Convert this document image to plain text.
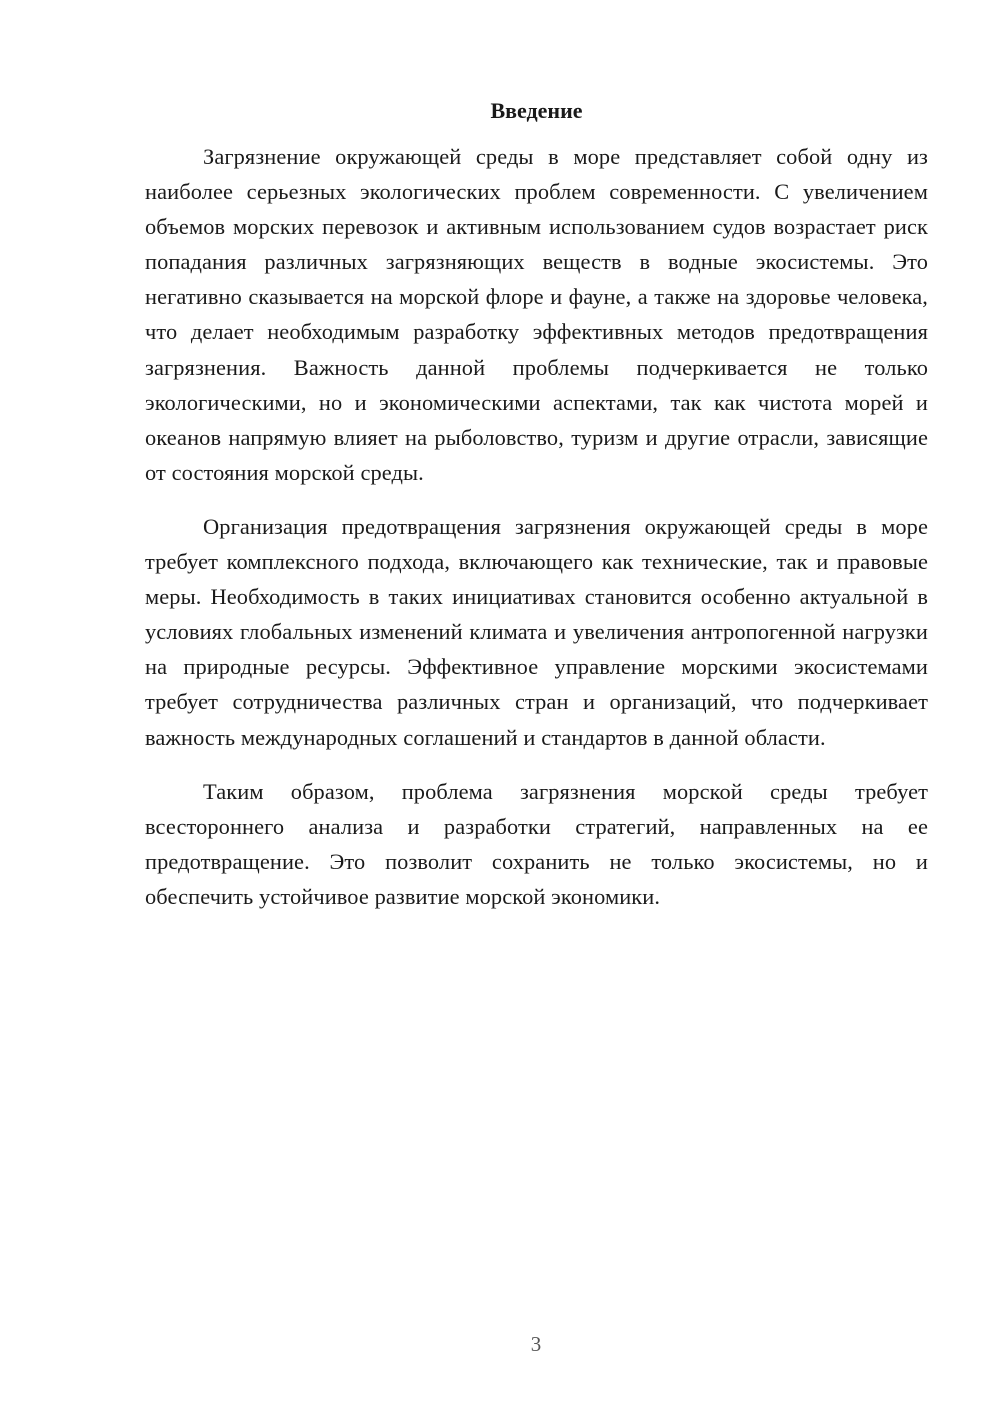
Введение

Загрязнение окружающей среды в море представляет собой одну из наиболее серьезных экологических проблем современности. С увеличением объемов морских перевозок и активным использованием судов возрастает риск попадания различных загрязняющих веществ в водные экосистемы. Это негативно сказывается на морской флоре и фауне, а также на здоровье человека, что делает необходимым разработку эффективных методов предотвращения загрязнения. Важность данной проблемы подчеркивается не только экологическими, но и экономическими аспектами, так как чистота морей и океанов напрямую влияет на рыболовство, туризм и другие отрасли, зависящие от состояния морской среды.

Организация предотвращения загрязнения окружающей среды в море требует комплексного подхода, включающего как технические, так и правовые меры. Необходимость в таких инициативах становится особенно актуальной в условиях глобальных изменений климата и увеличения антропогенной нагрузки на природные ресурсы. Эффективное управление морскими экосистемами требует сотрудничества различных стран и организаций, что подчеркивает важность международных соглашений и стандартов в данной области.

Таким образом, проблема загрязнения морской среды требует всестороннего анализа и разработки стратегий, направленных на ее предотвращение. Это позволит сохранить не только экосистемы, но и обеспечить устойчивое развитие морской экономики.

3
